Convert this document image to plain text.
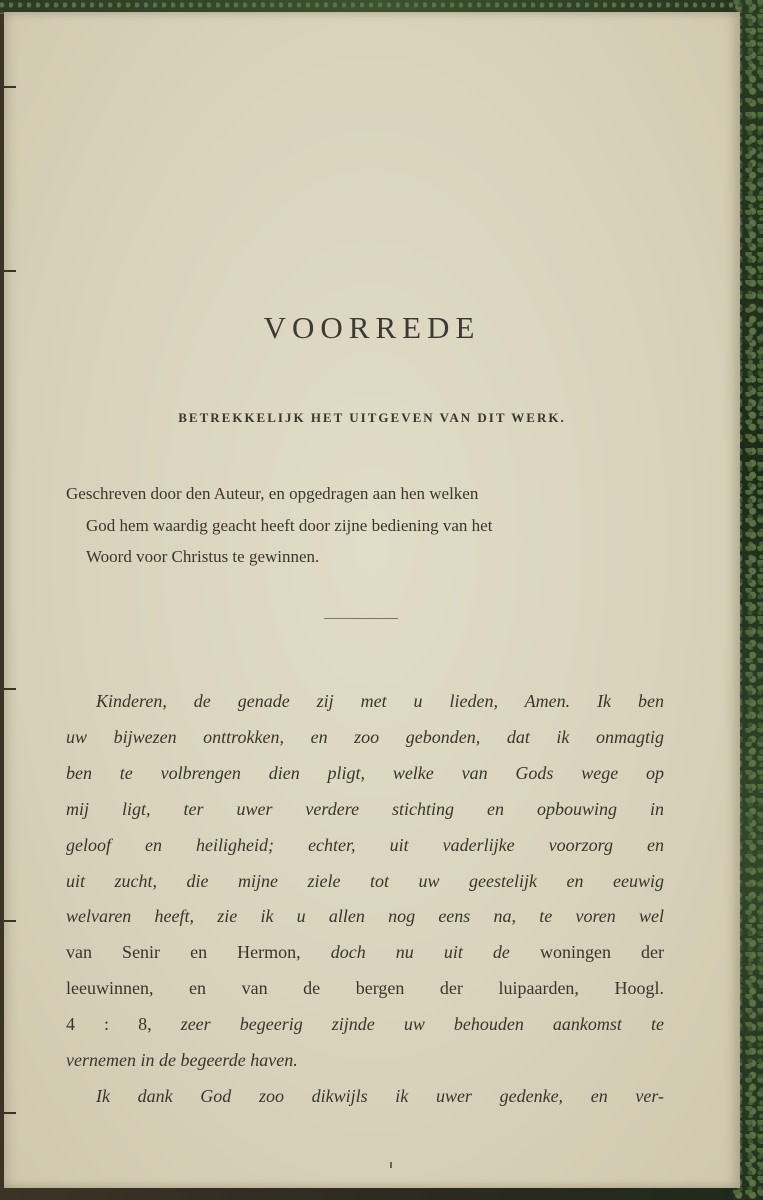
VOORREDE
BETREKKELIJK HET UITGEVEN VAN DIT WERK.
Geschreven door den Auteur, en opgedragen aan hen welken
God hem waardig geacht heeft door zijne bediening van het
Woord voor Christus te gewinnen.
Kinderen, de genade zij met u lieden, Amen. Ik ben
uw bijwezen onttrokken, en zoo gebonden, dat ik onmagtig
ben te volbrengen dien pligt, welke van Gods wege op
mij ligt, ter uwer verdere stichting en opbouwing in
geloof en heiligheid; echter, uit vaderlijke voorzorg en
uit zucht, die mijne ziele tot uw geestelijk en eeuwig
welvaren heeft, zie ik u allen nog eens na, te voren wel
van Senir en Hermon, doch nu uit de woningen der
leeuwinnen, en van de bergen der luipaarden, Hoogl.
4 : 8, zeer begeerig zijnde uw behouden aankomst te
vernemen in de begeerde haven.
Ik dank God zoo dikwijls ik uwer gedenke, en ver-
